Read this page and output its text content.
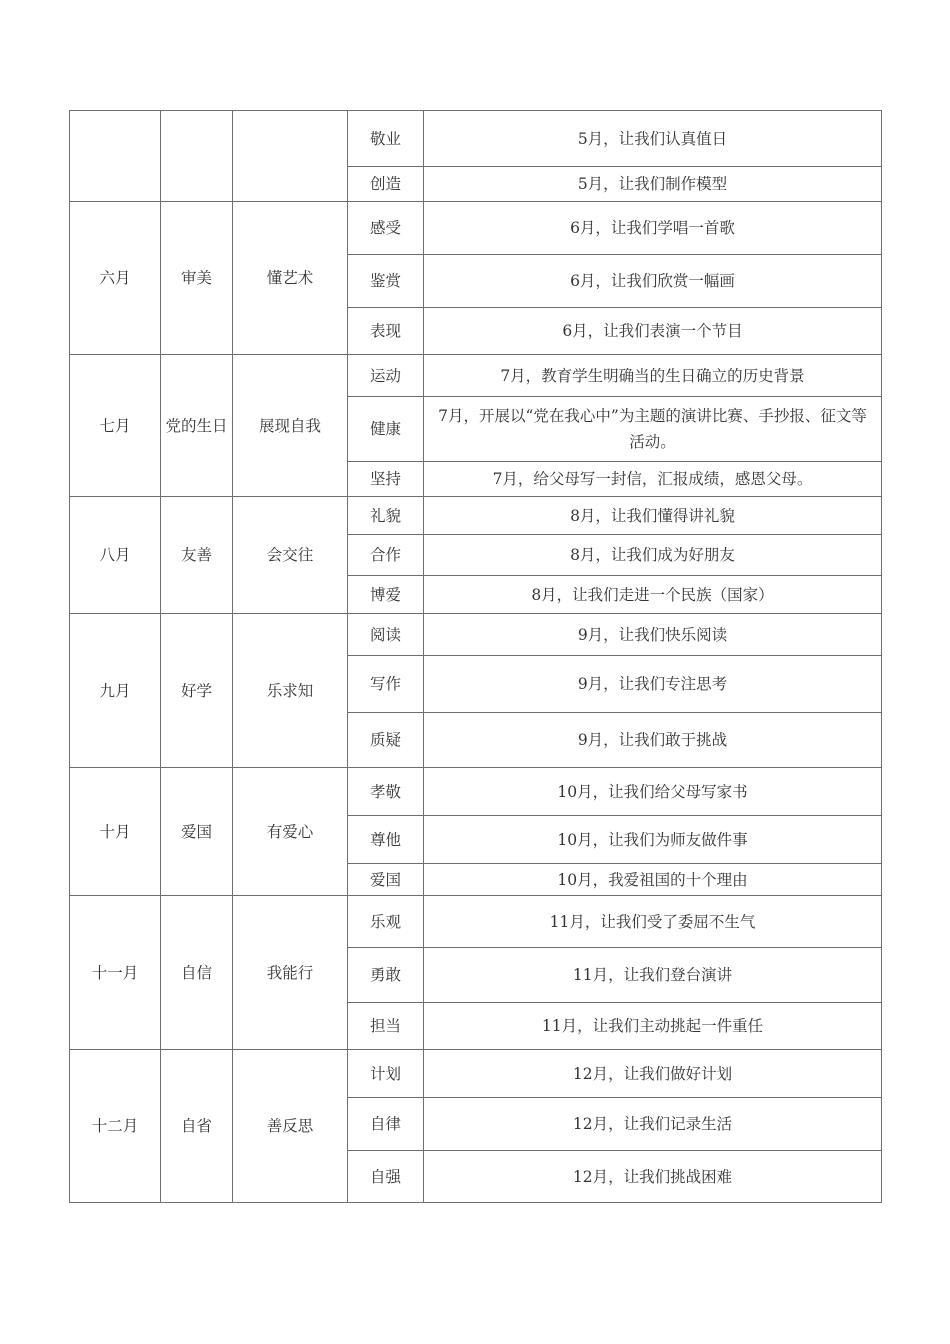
			敬业	5月，让我们认真值日
			创造	5月，让我们制作模型
六月	审美	懂艺术	感受	6月，让我们学唱一首歌
			鉴赏	6月，让我们欣赏一幅画
			表现	6月，让我们表演一个节目
七月	党的生日	展现自我	运动	7月，教育学生明确当的生日确立的历史背景
			健康	7月，开展以“党在我心中”为主题的演讲比赛、手抄报、征文等活动。
			坚持	7月，给父母写一封信，汇报成绩，感恩父母。
八月	友善	会交往	礼貌	8月，让我们懂得讲礼貌
			合作	8月，让我们成为好朋友
			博爱	8月，让我们走进一个民族（国家）
九月	好学	乐求知	阅读	9月，让我们快乐阅读
			写作	9月，让我们专注思考
			质疑	9月，让我们敢于挑战
十月	爱国	有爱心	孝敬	10月，让我们给父母写家书
			尊他	10月，让我们为师友做件事
			爱国	10月，我爱祖国的十个理由
十一月	自信	我能行	乐观	11月，让我们受了委屈不生气
			勇敢	11月，让我们登台演讲
			担当	11月，让我们主动挑起一件重任
十二月	自省	善反思	计划	12月，让我们做好计划
			自律	12月，让我们记录生活
			自强	12月，让我们挑战困难
